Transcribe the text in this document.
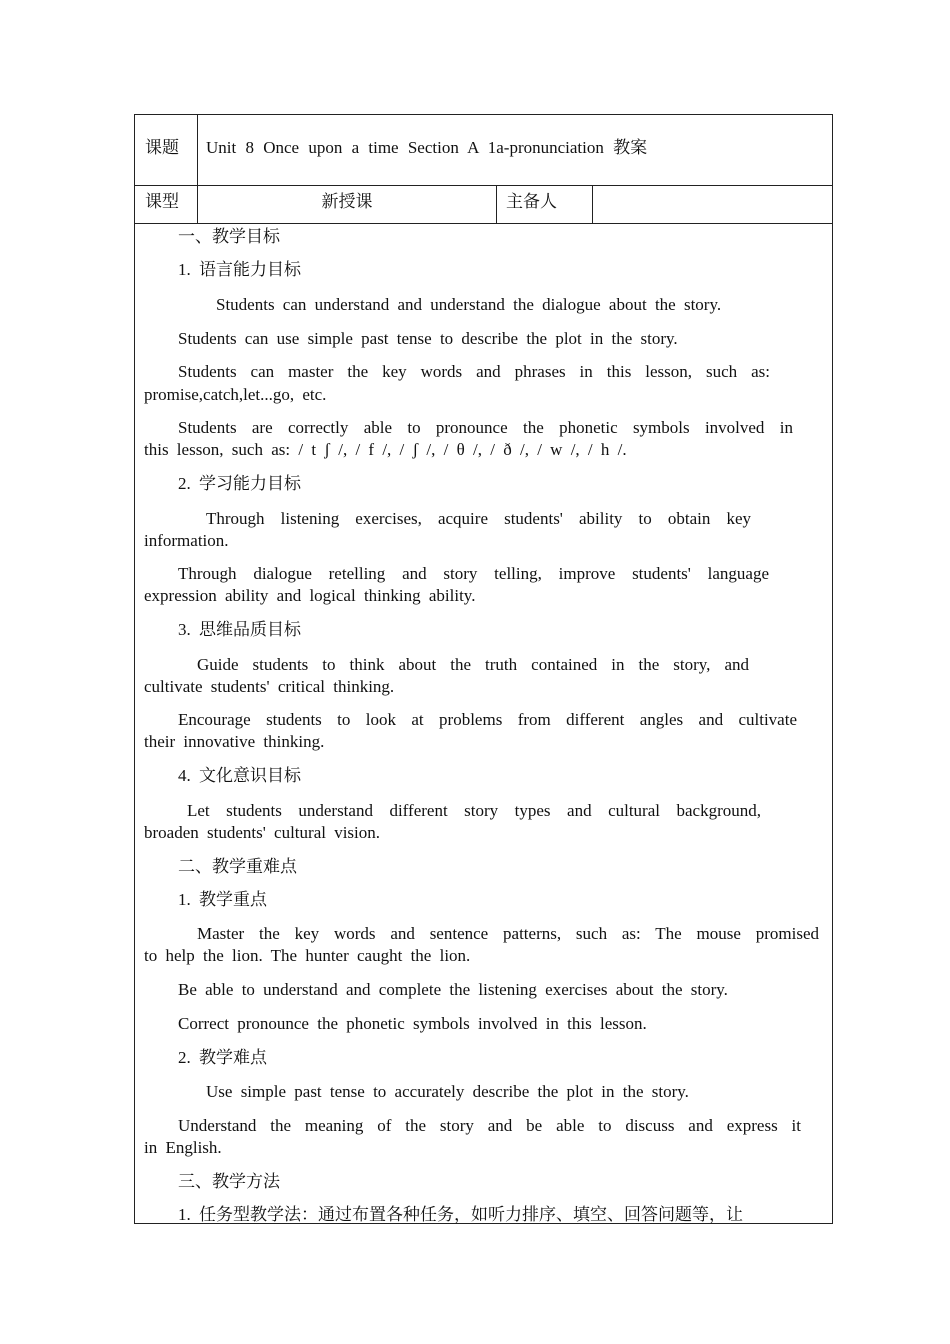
课题	Unit 8 Once upon a time Section A 1a-pronunciation 教案
课型	新授课	主备人
一、教学目标
1. 语言能力目标
Students can understand and understand the dialogue about the story.
Students can use simple past tense to describe the plot in the story.
Students can master the key words and phrases in this lesson, such as:
promise,catch,let...go, etc.
Students are correctly able to pronounce the phonetic symbols involved in
this lesson, such as: / t ʃ /, / f /, / ʃ /, / θ /, / ð /, / w /, / h /.
2. 学习能力目标
Through listening exercises, acquire students' ability to obtain key
information.
Through dialogue retelling and story telling, improve students' language
expression ability and logical thinking ability.
3. 思维品质目标
Guide students to think about the truth contained in the story, and
cultivate students' critical thinking.
Encourage students to look at problems from different angles and cultivate
their innovative thinking.
4. 文化意识目标
Let students understand different story types and cultural background,
broaden students' cultural vision.
二、教学重难点
1. 教学重点
Master the key words and sentence patterns, such as: The mouse promised
to help the lion. The hunter caught the lion.
Be able to understand and complete the listening exercises about the story.
Correct pronounce the phonetic symbols involved in this lesson.
2. 教学难点
Use simple past tense to accurately describe the plot in the story.
Understand the meaning of the story and be able to discuss and express it
in English.
三、教学方法
1. 任务型教学法：通过布置各种任务，如听力排序、填空、回答问题等，让
